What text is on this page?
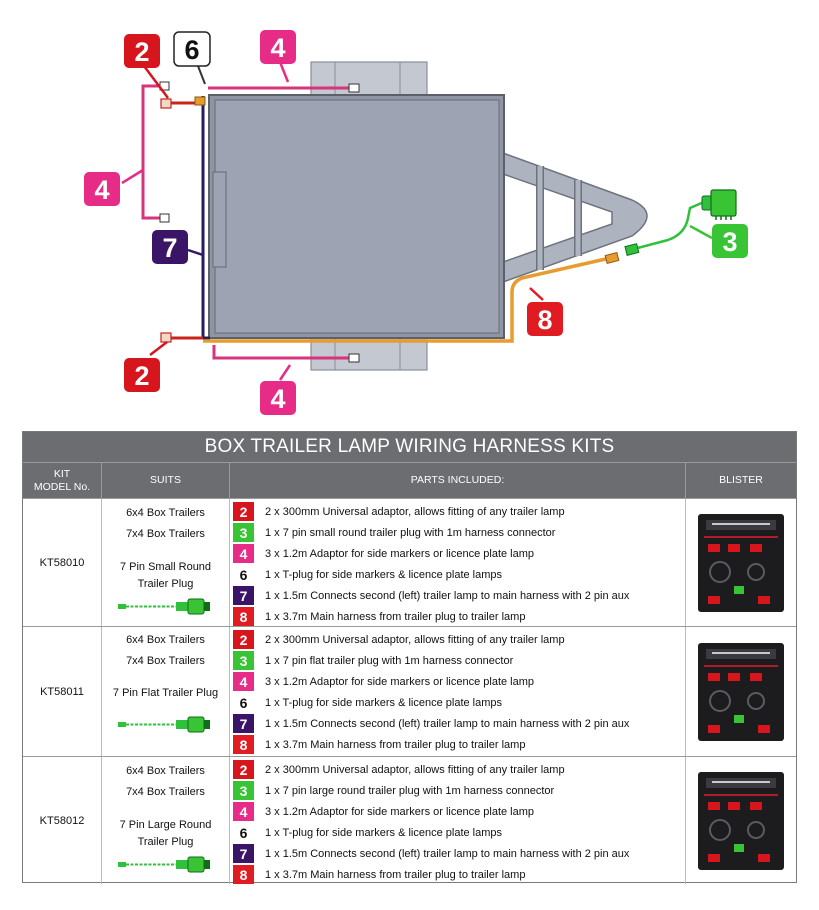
2 6	4
4
7	3
8
2
4
BOX TRAILER LAMP WIRING HARNESS KITS
KIT
MODEL No.
SUITS	PARTS INCLUDED:	BLISTER
KT58010
6x4 Box Trailers
7x4 Box Trailers
7 Pin Small Round
Trailer Plug
2	2 x 300mm Universal adaptor, allows fitting of any trailer lamp
3	1 x 7 pin small round trailer plug with 1m harness connector
4	3 x 1.2m Adaptor for side markers or licence plate lamp
6	1 x T-plug for side markers & licence plate lamps
7	1 x 1.5m Connects second (left) trailer lamp to main harness with 2 pin aux
8	1 x 3.7m Main harness from trailer plug to trailer lamp
KT58011
6x4 Box Trailers
7x4 Box Trailers
7 Pin Flat Trailer Plug
2	2 x 300mm Universal adaptor, allows fitting of any trailer lamp
3	1 x 7 pin flat trailer plug with 1m harness connector
4	3 x 1.2m Adaptor for side markers or licence plate lamp
6	1 x T-plug for side markers & licence plate lamps
7	1 x 1.5m Connects second (left) trailer lamp to main harness with 2 pin aux
8	1 x 3.7m Main harness from trailer plug to trailer lamp
KT58012
6x4 Box Trailers
7x4 Box Trailers
7 Pin Large Round
Trailer Plug
2	2 x 300mm Universal adaptor, allows fitting of any trailer lamp
3	1 x 7 pin large round trailer plug with 1m harness connector
4	3 x 1.2m Adaptor for side markers or licence plate lamp
6	1 x T-plug for side markers & licence plate lamps
7	1 x 1.5m Connects second (left) trailer lamp to main harness with 2 pin aux
8	1 x 3.7m Main harness from trailer plug to trailer lamp
